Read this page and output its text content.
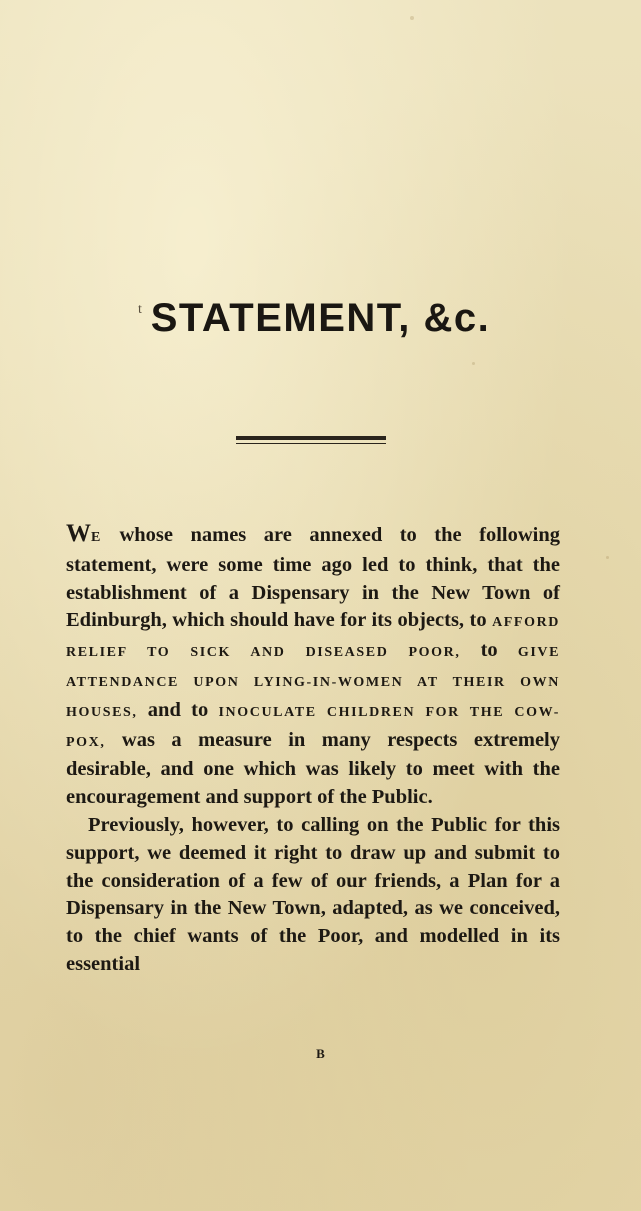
t STATEMENT, &c.

WE whose names are annexed to the following statement, were some time ago led to think, that the establishment of a Dispensary in the New Town of Edinburgh, which should have for its objects, to AFFORD RELIEF TO SICK AND DISEASED POOR, to GIVE ATTENDANCE UPON LYING-IN-WOMEN AT THEIR OWN HOUSES, and to INOCULATE CHILDREN FOR THE COW-POX, was a measure in many respects extremely desirable, and one which was likely to meet with the encouragement and support of the Public.

Previously, however, to calling on the Public for this support, we deemed it right to draw up and submit to the consideration of a few of our friends, a Plan for a Dispensary in the New Town, adapted, as we conceived, to the chief wants of the Poor, and modelled in its essential

B
